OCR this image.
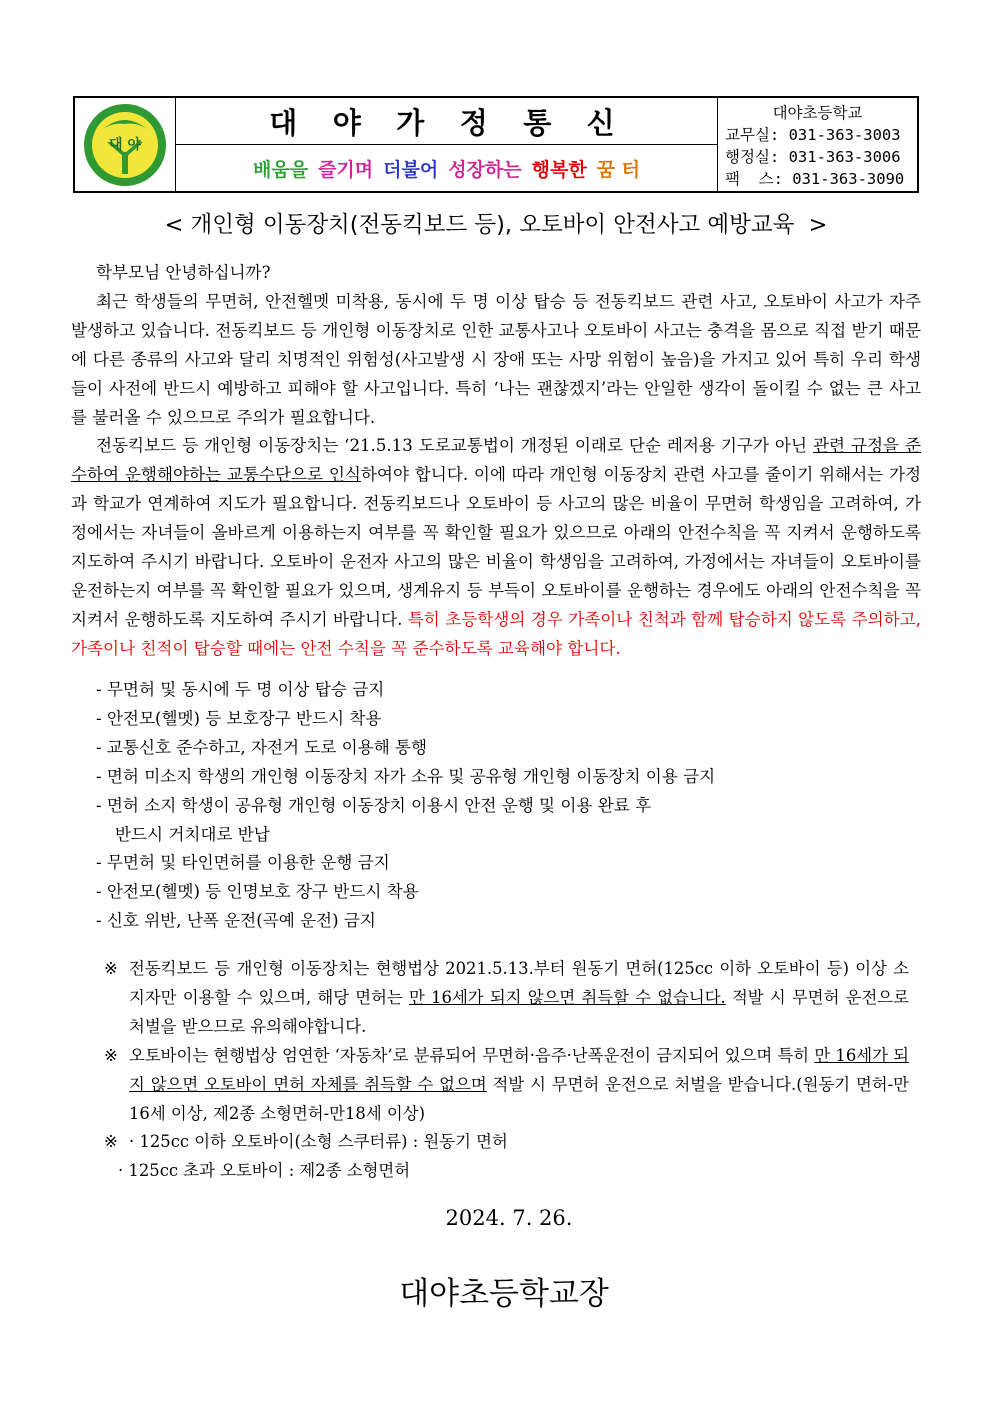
대 야
대 야 가 정 통 신
배움을 즐기며 더불어 성장하는 행복한 꿈 터
대야초등학교
교무실: 031-363-3003
행정실: 031-363-3006
팩  스: 031-363-3090
< 개인형 이동장치(전동킥보드 등), 오토바이 안전사고 예방교육  >

학부모님 안녕하십니까?

최근 학생들의 무면허, 안전헬멧 미착용, 동시에 두 명 이상 탑승 등 전동킥보드 관련 사고, 오토바이 사고가 자주 발생하고 있습니다. 전동킥보드 등 개인형 이동장치로 인한 교통사고나 오토바이 사고는 충격을 몸으로 직접 받기 때문에 다른 종류의 사고와 달리 치명적인 위험성(사고발생 시 장애 또는 사망 위험이 높음)을 가지고 있어 특히 우리 학생들이 사전에 반드시 예방하고 피해야 할 사고입니다. 특히 ‘나는 괜찮겠지’라는 안일한 생각이 돌이킬 수 없는 큰 사고를 불러올 수 있으므로 주의가 필요합니다.

전동킥보드 등 개인형 이동장치는 ‘21.5.13 도로교통법이 개정된 이래로 단순 레저용 기구가 아닌 관련 규정을 준수하여 운행해야하는 교통수단으로 인식하여야 합니다. 이에 따라 개인형 이동장치 관련 사고를 줄이기 위해서는 가정과 학교가 연계하여 지도가 필요합니다. 전동킥보드나 오토바이 등 사고의 많은 비율이 무면허 학생임을 고려하여, 가정에서는 자녀들이 올바르게 이용하는지 여부를 꼭 확인할 필요가 있으므로 아래의 안전수칙을 꼭 지켜서 운행하도록 지도하여 주시기 바랍니다. 오토바이 운전자 사고의 많은 비율이 학생임을 고려하여, 가정에서는 자녀들이 오토바이를 운전하는지 여부를 꼭 확인할 필요가 있으며, 생계유지 등 부득이 오토바이를 운행하는 경우에도 아래의 안전수칙을 꼭 지켜서 운행하도록 지도하여 주시기 바랍니다. 특히 초등학생의 경우 가족이나 친척과 함께 탑승하지 않도록 주의하고, 가족이나 친적이 탑승할 때에는 안전 수칙을 꼭 준수하도록 교육해야 합니다.

- 무면허 및 동시에 두 명 이상 탑승 금지
- 안전모(헬멧) 등 보호장구 반드시 착용
- 교통신호 준수하고, 자전거 도로 이용해 통행
- 면허 미소지 학생의 개인형 이동장치 자가 소유 및 공유형 개인형 이동장치 이용 금지
- 면허 소지 학생이 공유형 개인형 이동장치 이용시 안전 운행 및 이용 완료 후
반드시 거치대로 반납
- 무면허 및 타인면허를 이용한 운행 금지
- 안전모(헬멧) 등 인명보호 장구 반드시 착용
- 신호 위반, 난폭 운전(곡예 운전) 금지
※ 전동킥보드 등 개인형 이동장치는 현행법상 2021.5.13.부터 원동기 면허(125cc 이하 오토바이 등) 이상 소지자만 이용할 수 있으며, 해당 면허는 만 16세가 되지 않으면 취득할 수 없습니다. 적발 시 무면허 운전으로 처벌을 받으므로 유의해야합니다.
※ 오토바이는 현행법상 엄연한 ‘자동차’로 분류되어 무면허·음주·난폭운전이 금지되어 있으며 특히 만 16세가 되지 않으면 오토바이 면허 자체를 취득할 수 없으며 적발 시 무면허 운전으로 처벌을 받습니다.(원동기 면허-만16세 이상, 제2종 소형면허-만18세 이상)
※ · 125cc 이하 오토바이(소형 스쿠터류) : 원동기 면허
· 125cc 초과 오토바이 : 제2종 소형면허
2024. 7. 26.
대야초등학교장
